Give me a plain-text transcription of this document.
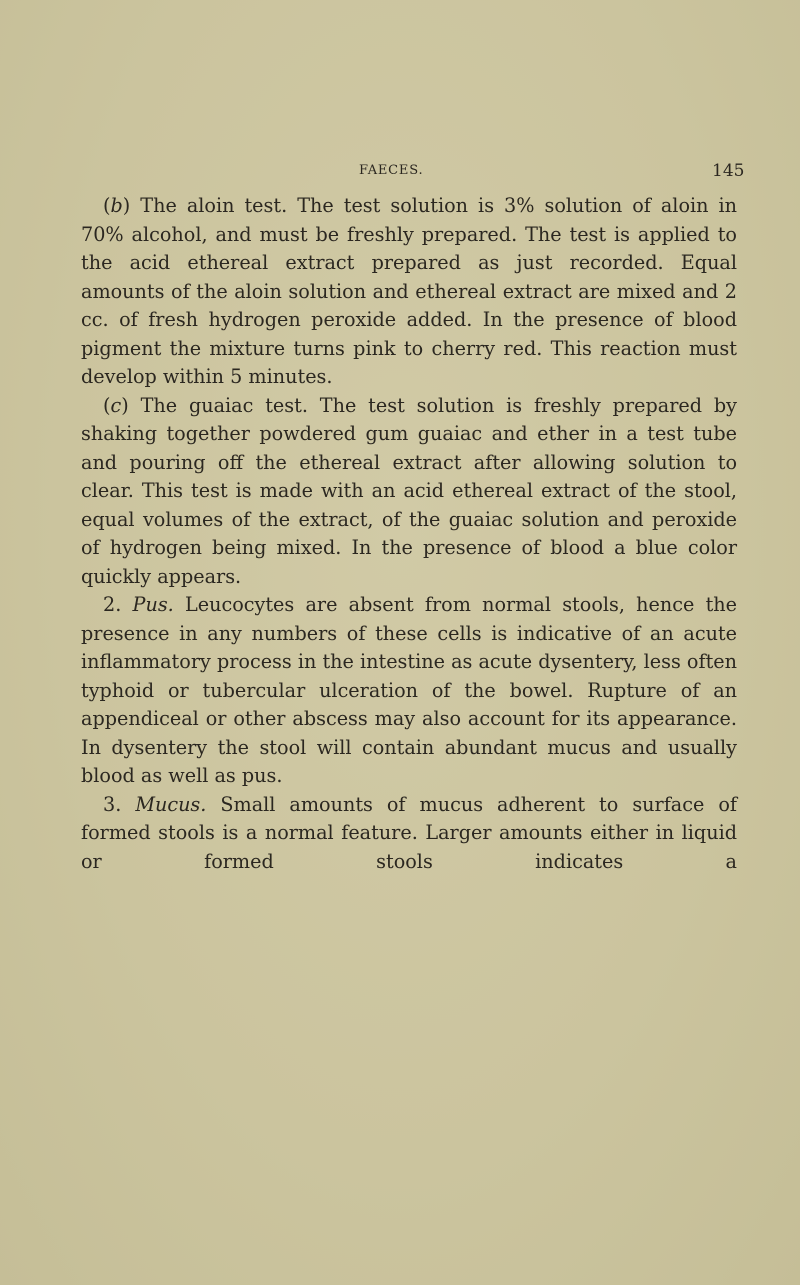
FAECES.	145

(b) The aloin test. The test solution is 3% solution of aloin in 70% alcohol, and must be freshly prepared. The test is applied to the acid ethereal extract prepared as just recorded. Equal amounts of the aloin solution and ethereal extract are mixed and 2 cc. of fresh hydrogen peroxide added. In the presence of blood pigment the mixture turns pink to cherry red. This reaction must develop within 5 minutes.

(c) The guaiac test. The test solution is freshly prepared by shaking together powdered gum guaiac and ether in a test tube and pouring off the ethereal extract after allowing solution to clear. This test is made with an acid ethereal extract of the stool, equal volumes of the extract, of the guaiac solution and peroxide of hydrogen being mixed. In the presence of blood a blue color quickly appears.

2. Pus. Leucocytes are absent from normal stools, hence the presence in any numbers of these cells is indicative of an acute inflammatory process in the intestine as acute dysentery, less often typhoid or tubercular ulceration of the bowel. Rupture of an appendiceal or other abscess may also account for its appearance. In dysentery the stool will contain abundant mucus and usually blood as well as pus.

3. Mucus. Small amounts of mucus adherent to surface of formed stools is a normal feature. Larger amounts either in liquid or formed stools indicates a
